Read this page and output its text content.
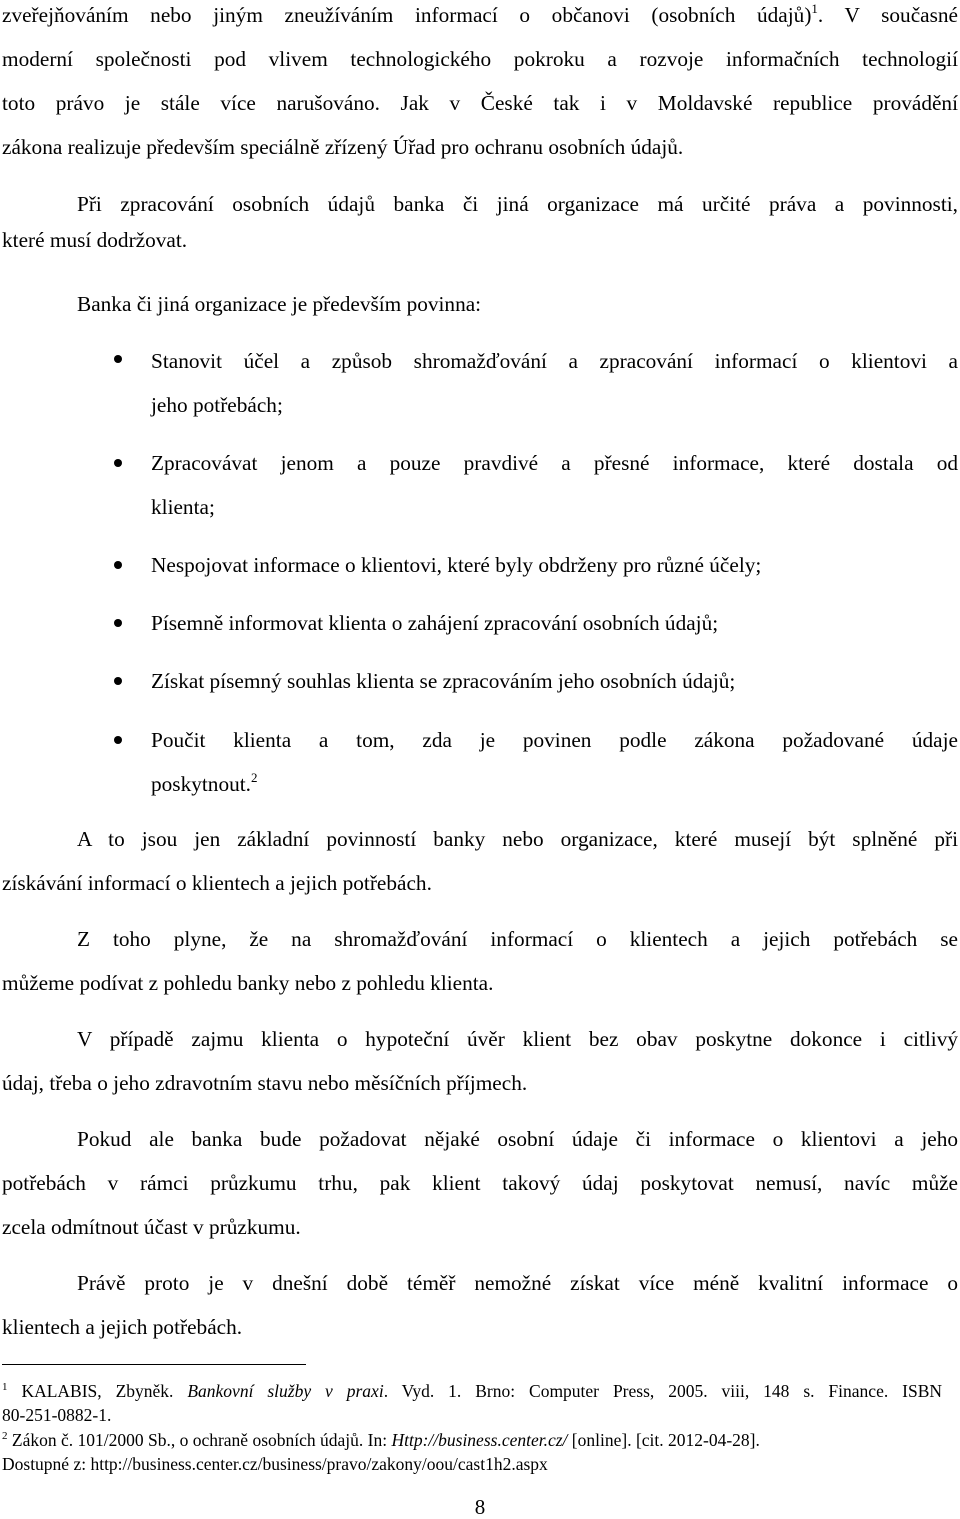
zveřejňováním nebo jiným zneužíváním informací o občanovi (osobních údajů)$^1$. V současné
moderní společnosti pod vlivem technologického pokroku a rozvoje informačních technologií
toto právo je stále více narušováno. Jak v České tak i v Moldavské republice provádění
zákona realizuje především speciálně zřízený Úřad pro ochranu osobních údajů.
Při zpracování osobních údajů banka či jiná organizace má určité práva a povinnosti,
které musí dodržovat.
Banka či jiná organizace je především povinna:
Stanovit účel a způsob shromažďování a zpracování informací o klientovi a
jeho potřebách;
Zpracovávat jenom a pouze pravdivé a přesné informace, které dostala od
klienta;
Nespojovat informace o klientovi, které byly obdrženy pro různé účely;
Písemně informovat klienta o zahájení zpracování osobních údajů;
Získat písemný souhlas klienta se zpracováním jeho osobních údajů;
Poučit klienta a tom, zda je povinen podle zákona požadované údaje
poskytnout.$^2$
A to jsou jen základní povinností banky nebo organizace, které musejí být splněné při
získávání informací o klientech a jejich potřebách.
Z toho plyne, že na shromažďování informací o klientech a jejich potřebách se
můžeme podívat z pohledu banky nebo z pohledu klienta.
V případě zajmu klienta o hypoteční úvěr klient bez obav poskytne dokonce i citlivý
údaj, třeba o jeho zdravotním stavu nebo měsíčních příjmech.
Pokud ale banka bude požadovat nějaké osobní údaje či informace o klientovi a jeho
potřebách v rámci průzkumu trhu, pak klient takový údaj poskytovat nemusí, navíc může
zcela odmítnout účast v průzkumu.
Právě proto je v dnešní době téměř nemožné získat více méně kvalitní informace o
klientech a jejich potřebách.
$^1$ KALABIS, Zbyněk. Bankovní služby v praxi. Vyd. 1. Brno: Computer Press, 2005. viii, 148 s. Finance. ISBN
80-251-0882-1.
$^2$ Zákon č. 101/2000 Sb., o ochraně osobních údajů. In: Http://business.center.cz/ [online]. [cit. 2012-04-28].
Dostupné z: http://business.center.cz/business/pravo/zakony/oou/cast1h2.aspx
8
